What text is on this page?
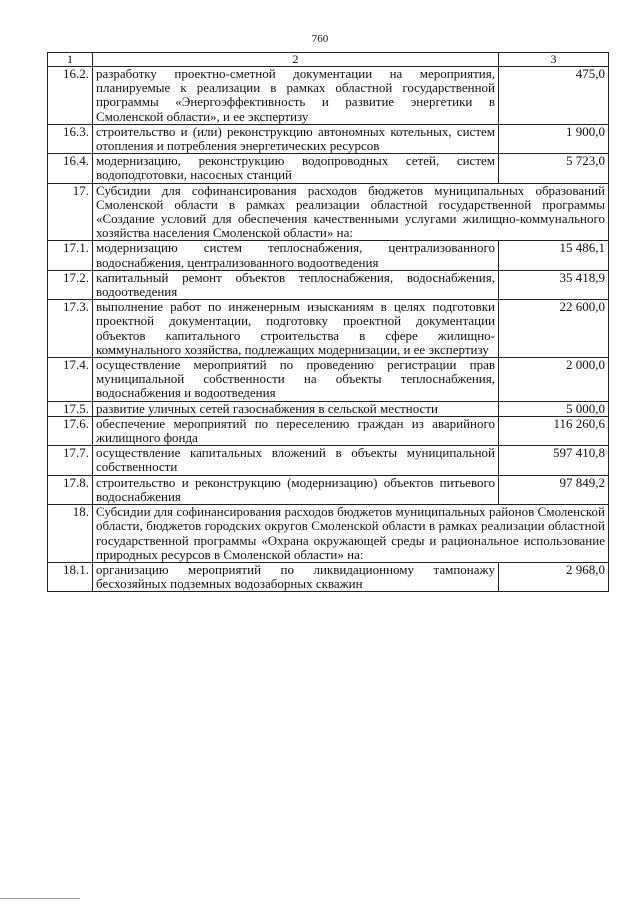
760
1	2	3
16.2.	разработку проектно-сметной документации на мероприятия, планируемые к реализации в рамках областной государственной программы «Энергоэффективность и развитие энергетики в Смоленской области», и ее экспертизу	475,0
16.3.	строительство и (или) реконструкцию автономных котельных, систем отопления и потребления энергетических ресурсов	1 900,0
16.4.	модернизацию, реконструкцию водопроводных сетей, систем водоподготовки, насосных станций	5 723,0
17.	Субсидии для софинансирования расходов бюджетов муниципальных образований Смоленской области в рамках реализации областной государственной программы «Создание условий для обеспечения качественными услугами жилищно-коммунального хозяйства населения Смоленской области» на:	
17.1.	модернизацию систем теплоснабжения, централизованного водоснабжения, централизованного водоотведения	15 486,1
17.2.	капитальный ремонт объектов теплоснабжения, водоснабжения, водоотведения	35 418,9
17.3.	выполнение работ по инженерным изысканиям в целях подготовки проектной документации, подготовку проектной документации объектов капитального строительства в сфере жилищно-коммунального хозяйства, подлежащих модернизации, и ее экспертизу	22 600,0
17.4.	осуществление мероприятий по проведению регистрации прав муниципальной собственности на объекты теплоснабжения, водоснабжения и водоотведения	2 000,0
17.5.	развитие уличных сетей газоснабжения в сельской местности	5 000,0
17.6.	обеспечение мероприятий по переселению граждан из аварийного жилищного фонда	116 260,6
17.7.	осуществление капитальных вложений в объекты муниципальной собственности	597 410,8
17.8.	строительство и реконструкцию (модернизацию) объектов питьевого водоснабжения	97 849,2
18.	Субсидии для софинансирования расходов бюджетов муниципальных районов Смоленской области, бюджетов городских округов Смоленской области в рамках реализации областной государственной программы «Охрана окружающей среды и рациональное использование природных ресурсов в Смоленской области» на:	
18.1.	организацию мероприятий по ликвидационному тампонажу бесхозяйных подземных водозаборных скважин	2 968,0
